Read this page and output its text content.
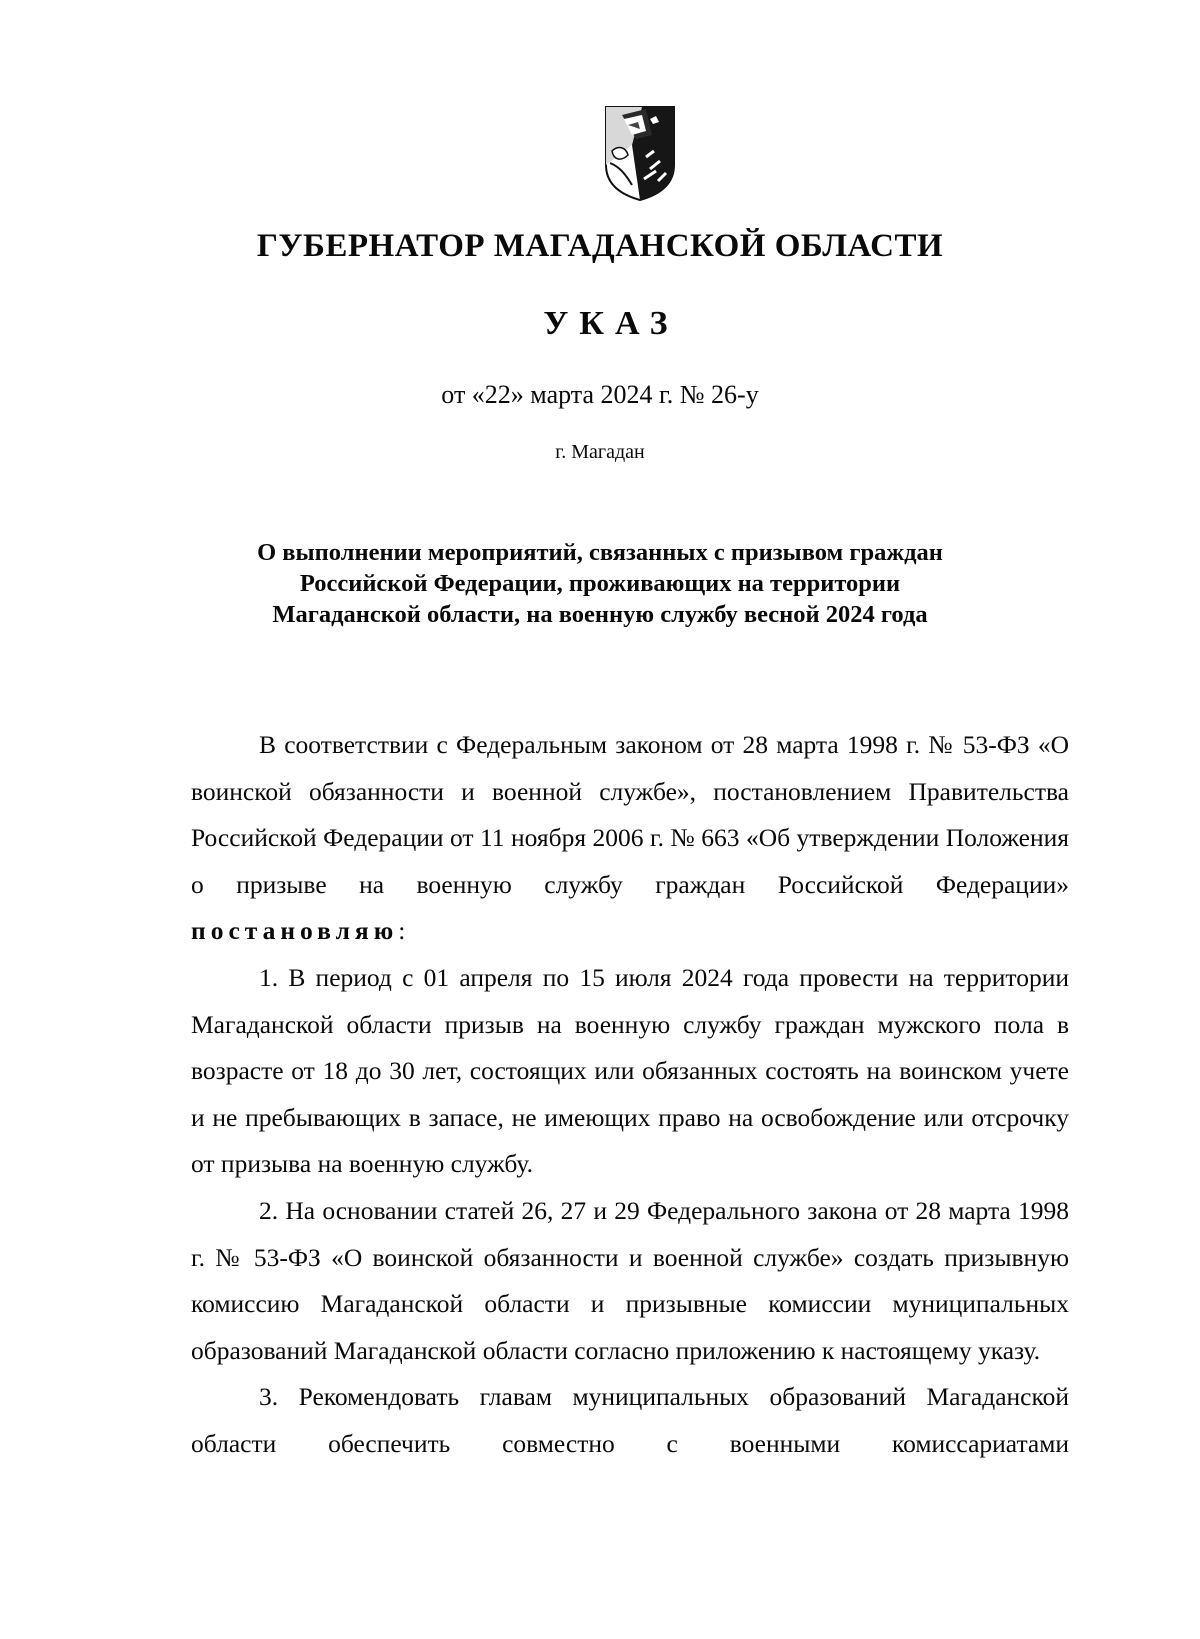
ГУБЕРНАТОР МАГАДАНСКОЙ ОБЛАСТИ
УКАЗ
от «22» марта 2024 г. № 26-у
г. Магадан
О выполнении мероприятий, связанных с призывом граждан
Российской Федерации, проживающих на территории
Магаданской области, на военную службу весной 2024 года

В соответствии с Федеральным законом от 28 марта 1998 г. № 53-ФЗ «О воинской обязанности и военной службе», постановлением Правительства Российской Федерации от 11 ноября 2006 г. № 663 «Об утверждении Положения о призыве на военную службу граждан Российской Федерации» постановляю:

1. В период с 01 апреля по 15 июля 2024 года провести на территории Магаданской области призыв на военную службу граждан мужского пола в возрасте от 18 до 30 лет, состоящих или обязанных состоять на воинском учете и не пребывающих в запасе, не имеющих право на освобождение или отсрочку от призыва на военную службу.

2. На основании статей 26, 27 и 29 Федерального закона от 28 марта 1998 г. № 53-ФЗ «О воинской обязанности и военной службе» создать призывную комиссию Магаданской области и призывные комиссии муниципальных образований Магаданской области согласно приложению к настоящему указу.

3. Рекомендовать главам муниципальных образований Магаданской области обеспечить совместно с военными комиссариатами
